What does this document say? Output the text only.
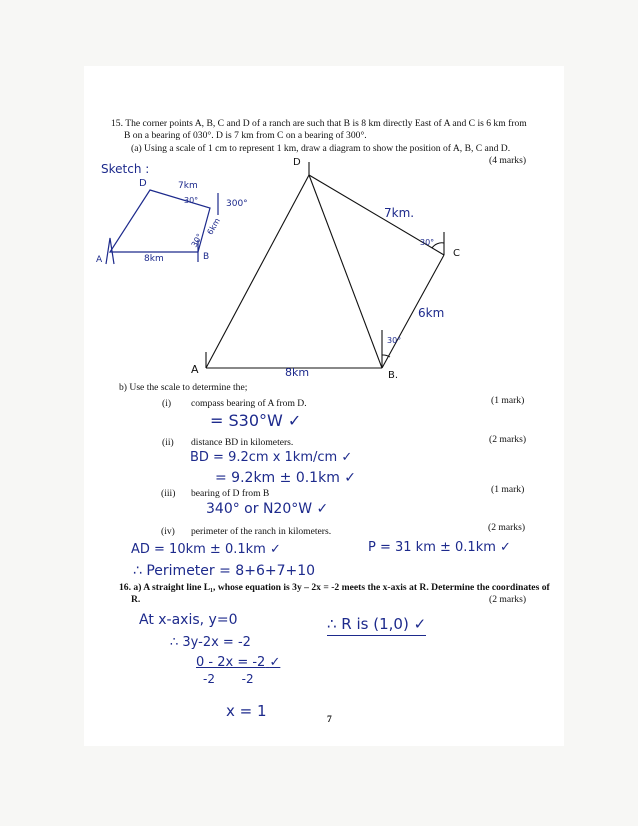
15. The corner points A, B, C and D of a ranch are such that B is 8 km directly East of A and C is 6 km from
B on a bearing of 030°. D is 7 km from C on a bearing of 300°.
(a) Using a scale of 1 cm to represent 1 km, draw a diagram to show the position of A, B, C and D.
(4 marks)
Sketch :
D	7km
30°	300°
6km
30°
A	8km	B
D
7km.
30°
C
6km
30°
A	8km	B.
b) Use the scale to determine the;
(i) compass bearing of A from D.	(1 mark)
= S30°W ✓
(ii) distance BD in kilometers.	(2 marks)
BD = 9.2cm x 1km/cm ✓
= 9.2km ± 0.1km ✓
(iii) bearing of D from B	(1 mark)
340° or N20°W ✓
(iv) perimeter of the ranch in kilometers.	(2 marks)
AD = 10km ± 0.1km ✓	P = 31 km ± 0.1km ✓
∴ Perimeter = 8+6+7+10
16. a) A straight line L₁, whose equation is 3y – 2x = -2 meets the x-axis at R. Determine the coordinates of
R.	(2 marks)
At x-axis, y=0
∴ 3y-2x = -2
0 - 2x = -2 ✓
-2       -2
x = 1
∴ R is (1,0) ✓
7
